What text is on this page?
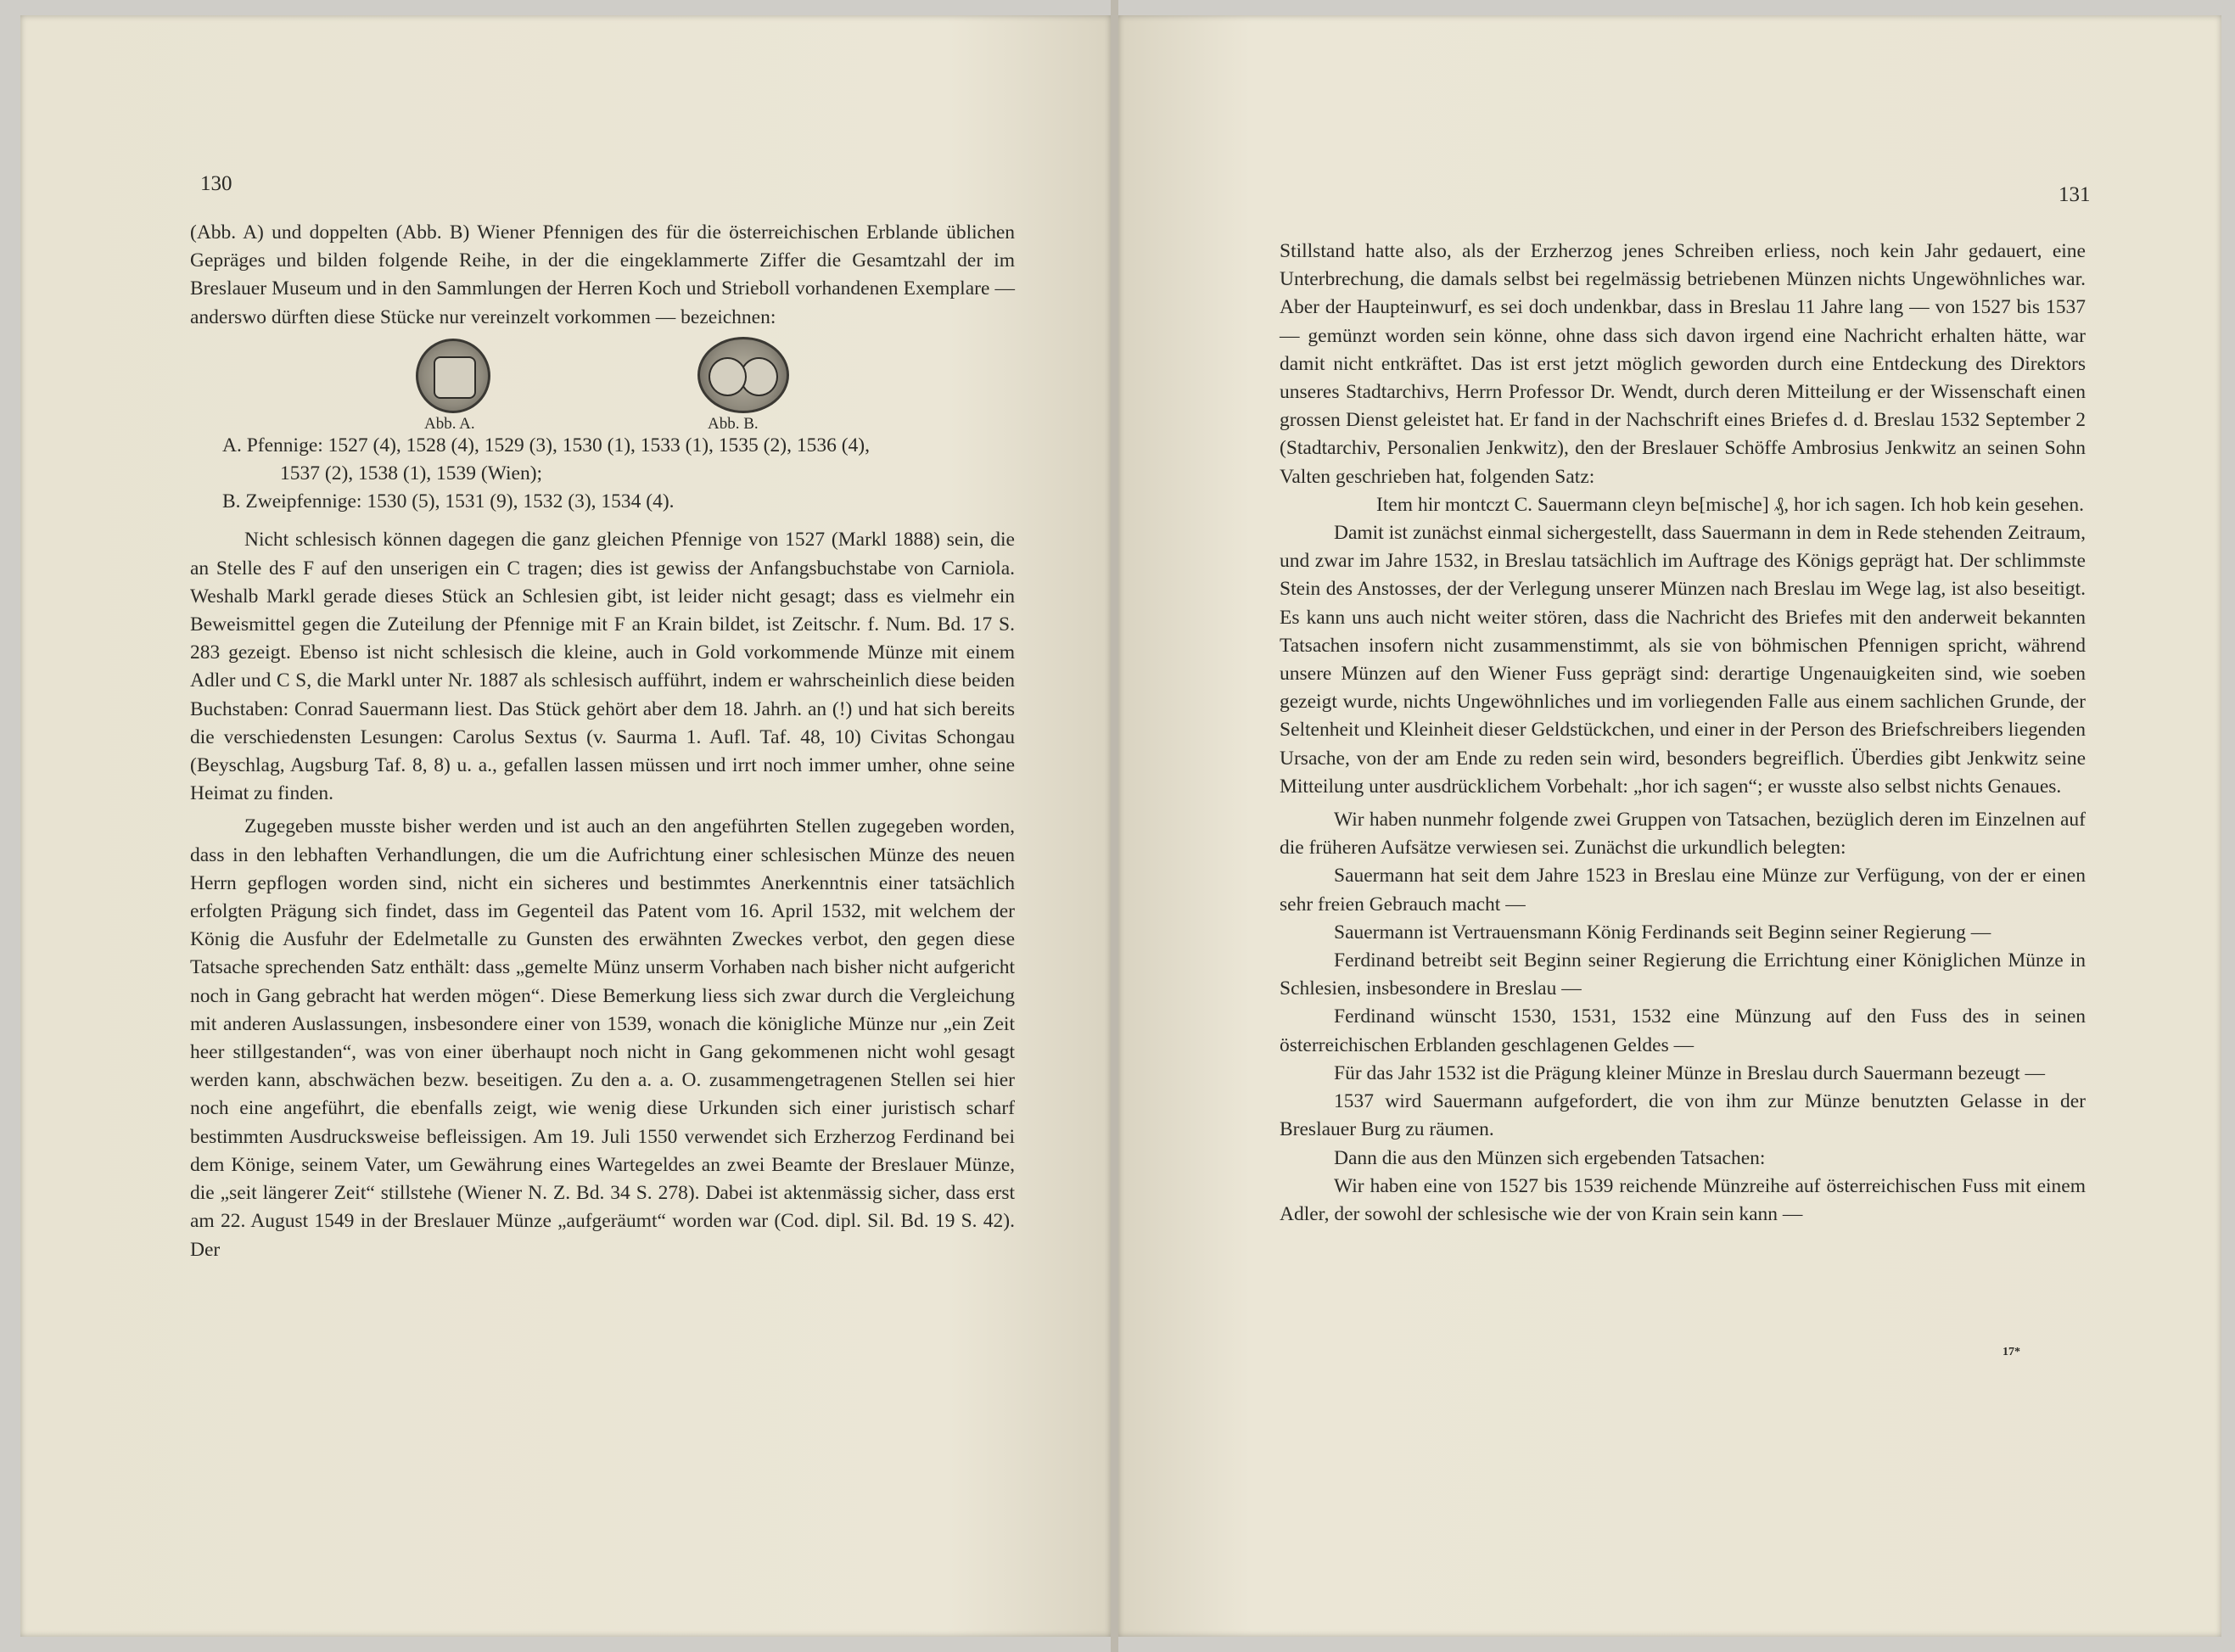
130

(Abb. A) und doppelten (Abb. B) Wiener Pfennigen des für die österreichischen Erblande üblichen Gepräges und bilden folgende Reihe, in der die eingeklammerte Ziffer die Gesamtzahl der im Breslauer Museum und in den Sammlungen der Herren Koch und Strieboll vorhandenen Exemplare — anderswo dürften diese Stücke nur vereinzelt vorkommen — bezeichnen:

Abb. A.	Abb. B.

A. Pfennige: 1527 (4), 1528 (4), 1529 (3), 1530 (1), 1533 (1), 1535 (2), 1536 (4),

1537 (2), 1538 (1), 1539 (Wien);

B. Zweipfennige: 1530 (5), 1531 (9), 1532 (3), 1534 (4).

Nicht schlesisch können dagegen die ganz gleichen Pfennige von 1527 (Markl 1888) sein, die an Stelle des F auf den unserigen ein C tragen; dies ist gewiss der Anfangsbuchstabe von Carniola. Weshalb Markl gerade dieses Stück an Schlesien gibt, ist leider nicht gesagt; dass es vielmehr ein Beweismittel gegen die Zuteilung der Pfennige mit F an Krain bildet, ist Zeitschr. f. Num. Bd. 17 S. 283 gezeigt. Ebenso ist nicht schlesisch die kleine, auch in Gold vorkommende Münze mit einem Adler und C S, die Markl unter Nr. 1887 als schlesisch aufführt, indem er wahrscheinlich diese beiden Buchstaben: Conrad Sauermann liest. Das Stück gehört aber dem 18. Jahrh. an (!) und hat sich bereits die verschiedensten Lesungen: Carolus Sextus (v. Saurma 1. Aufl. Taf. 48, 10) Civitas Schongau (Beyschlag, Augsburg Taf. 8, 8) u. a., gefallen lassen müssen und irrt noch immer umher, ohne seine Heimat zu finden.

Zugegeben musste bisher werden und ist auch an den angeführten Stellen zugegeben worden, dass in den lebhaften Verhandlungen, die um die Aufrichtung einer schlesischen Münze des neuen Herrn gepflogen worden sind, nicht ein sicheres und bestimmtes Anerkenntnis einer tatsächlich erfolgten Prägung sich findet, dass im Gegenteil das Patent vom 16. April 1532, mit welchem der König die Ausfuhr der Edelmetalle zu Gunsten des erwähnten Zweckes verbot, den gegen diese Tatsache sprechenden Satz enthält: dass „gemelte Münz unserm Vorhaben nach bisher nicht aufgericht noch in Gang gebracht hat werden mögen“. Diese Bemerkung liess sich zwar durch die Vergleichung mit anderen Auslassungen, insbesondere einer von 1539, wonach die königliche Münze nur „ein Zeit heer stillgestanden“, was von einer überhaupt noch nicht in Gang gekommenen nicht wohl gesagt werden kann, abschwächen bezw. beseitigen. Zu den a. a. O. zusammengetragenen Stellen sei hier noch eine angeführt, die ebenfalls zeigt, wie wenig diese Urkunden sich einer juristisch scharf bestimmten Ausdrucksweise befleissigen. Am 19. Juli 1550 verwendet sich Erzherzog Ferdinand bei dem Könige, seinem Vater, um Gewährung eines Wartegeldes an zwei Beamte der Breslauer Münze, die „seit längerer Zeit“ stillstehe (Wiener N. Z. Bd. 34 S. 278). Dabei ist aktenmässig sicher, dass erst am 22. August 1549 in der Breslauer Münze „aufgeräumt“ worden war (Cod. dipl. Sil. Bd. 19 S. 42). Der

131

Stillstand hatte also, als der Erzherzog jenes Schreiben erliess, noch kein Jahr gedauert, eine Unterbrechung, die damals selbst bei regelmässig betriebenen Münzen nichts Ungewöhnliches war. Aber der Haupteinwurf, es sei doch undenkbar, dass in Breslau 11 Jahre lang — von 1527 bis 1537 — gemünzt worden sein könne, ohne dass sich davon irgend eine Nachricht erhalten hätte, war damit nicht entkräftet. Das ist erst jetzt möglich geworden durch eine Entdeckung des Direktors unseres Stadtarchivs, Herrn Professor Dr. Wendt, durch deren Mitteilung er der Wissenschaft einen grossen Dienst geleistet hat. Er fand in der Nachschrift eines Briefes d. d. Breslau 1532 September 2 (Stadtarchiv, Personalien Jenkwitz), den der Breslauer Schöffe Ambrosius Jenkwitz an seinen Sohn Valten geschrieben hat, folgenden Satz:

Item hir montczt C. Sauermann cleyn be[mische] ₰, hor ich sagen. Ich hob kein gesehen.

Damit ist zunächst einmal sichergestellt, dass Sauermann in dem in Rede stehenden Zeitraum, und zwar im Jahre 1532, in Breslau tatsächlich im Auftrage des Königs geprägt hat. Der schlimmste Stein des Anstosses, der der Verlegung unserer Münzen nach Breslau im Wege lag, ist also beseitigt. Es kann uns auch nicht weiter stören, dass die Nachricht des Briefes mit den anderweit bekannten Tatsachen insofern nicht zusammenstimmt, als sie von böhmischen Pfennigen spricht, während unsere Münzen auf den Wiener Fuss geprägt sind: derartige Ungenauigkeiten sind, wie soeben gezeigt wurde, nichts Ungewöhnliches und im vorliegenden Falle aus einem sachlichen Grunde, der Seltenheit und Kleinheit dieser Geldstückchen, und einer in der Person des Briefschreibers liegenden Ursache, von der am Ende zu reden sein wird, besonders begreiflich. Überdies gibt Jenkwitz seine Mitteilung unter ausdrücklichem Vorbehalt: „hor ich sagen“; er wusste also selbst nichts Genaues.

Wir haben nunmehr folgende zwei Gruppen von Tatsachen, bezüglich deren im Einzelnen auf die früheren Aufsätze verwiesen sei. Zunächst die urkundlich belegten:

Sauermann hat seit dem Jahre 1523 in Breslau eine Münze zur Verfügung, von der er einen sehr freien Gebrauch macht —

Sauermann ist Vertrauensmann König Ferdinands seit Beginn seiner Regierung —

Ferdinand betreibt seit Beginn seiner Regierung die Errichtung einer Königlichen Münze in Schlesien, insbesondere in Breslau —

Ferdinand wünscht 1530, 1531, 1532 eine Münzung auf den Fuss des in seinen österreichischen Erblanden geschlagenen Geldes —

Für das Jahr 1532 ist die Prägung kleiner Münze in Breslau durch Sauermann bezeugt —

1537 wird Sauermann aufgefordert, die von ihm zur Münze benutzten Gelasse in der Breslauer Burg zu räumen.

Dann die aus den Münzen sich ergebenden Tatsachen:

Wir haben eine von 1527 bis 1539 reichende Münzreihe auf österreichischen Fuss mit einem Adler, der sowohl der schlesische wie der von Krain sein kann —

17*
